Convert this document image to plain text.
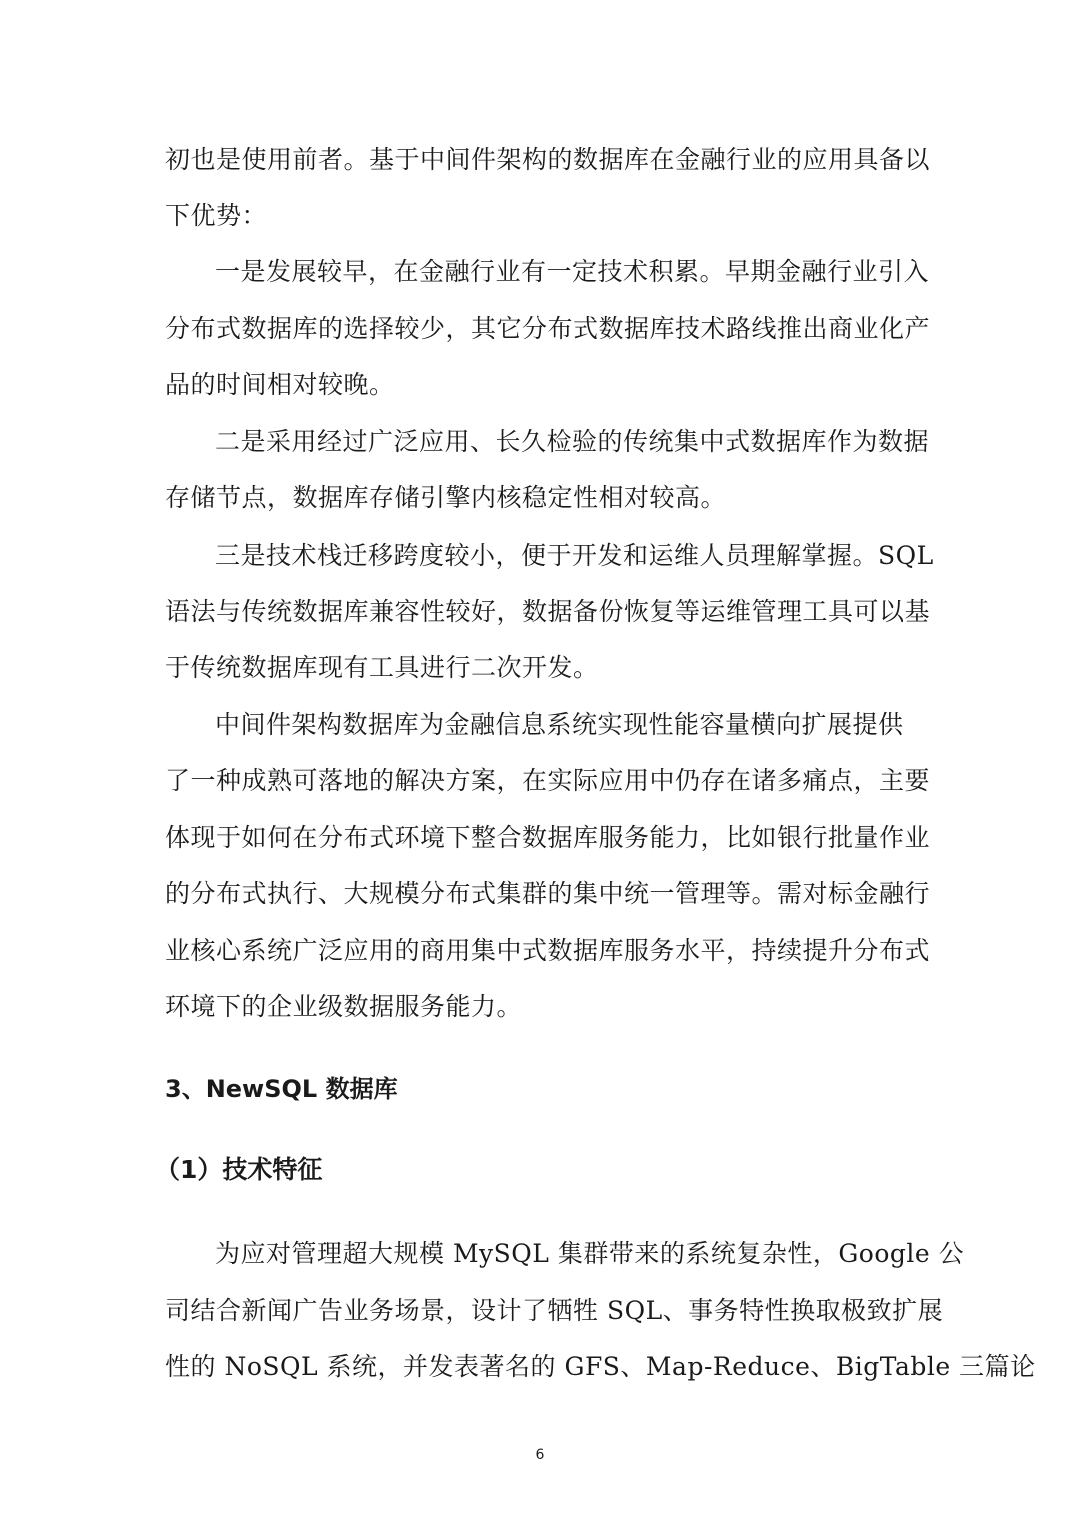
初也是使用前者。基于中间件架构的数据库在金融行业的应用具备以
下优势：
一是发展较早，在金融行业有一定技术积累。早期金融行业引入
分布式数据库的选择较少，其它分布式数据库技术路线推出商业化产
品的时间相对较晚。
二是采用经过广泛应用、长久检验的传统集中式数据库作为数据
存储节点，数据库存储引擎内核稳定性相对较高。
三是技术栈迁移跨度较小，便于开发和运维人员理解掌握。SQL
语法与传统数据库兼容性较好，数据备份恢复等运维管理工具可以基
于传统数据库现有工具进行二次开发。
中间件架构数据库为金融信息系统实现性能容量横向扩展提供
了一种成熟可落地的解决方案，在实际应用中仍存在诸多痛点，主要
体现于如何在分布式环境下整合数据库服务能力，比如银行批量作业
的分布式执行、大规模分布式集群的集中统一管理等。需对标金融行
业核心系统广泛应用的商用集中式数据库服务水平，持续提升分布式
环境下的企业级数据服务能力。
3、NewSQL 数据库
（1）技术特征
为应对管理超大规模 MySQL 集群带来的系统复杂性，Google 公
司结合新闻广告业务场景，设计了牺牲 SQL、事务特性换取极致扩展
性的 NoSQL 系统，并发表著名的 GFS、Map-Reduce、BigTable 三篇论
6
